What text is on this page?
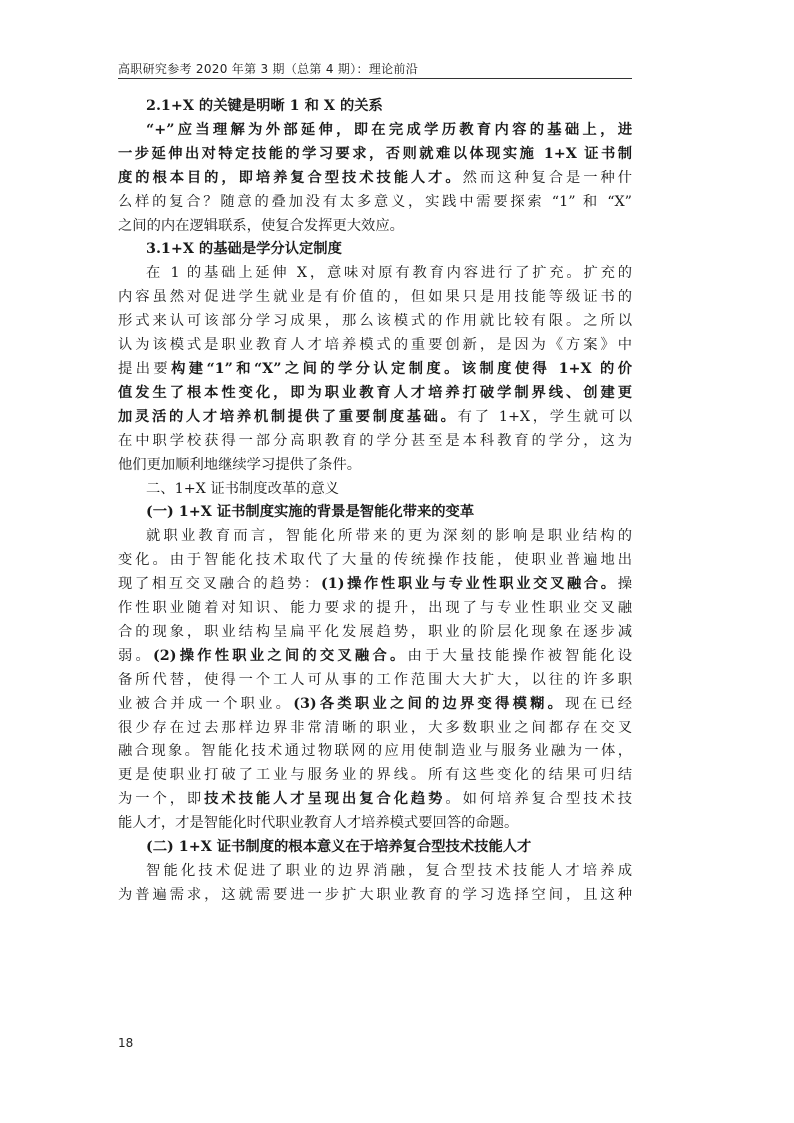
高职研究参考 2020 年第 3 期（总第 4 期）：理论前沿
2.1+X 的关键是明晰 1 和 X 的关系
“+”应当理解为外部延伸，即在完成学历教育内容的基础上，进
一步延伸出对特定技能的学习要求，否则就难以体现实施 1+X 证书制
度的根本目的，即培养复合型技术技能人才。然而这种复合是一种什
么样的复合？随意的叠加没有太多意义，实践中需要探索 “1” 和 “X”
之间的内在逻辑联系，使复合发挥更大效应。
3.1+X 的基础是学分认定制度
在 1 的基础上延伸 X，意味对原有教育内容进行了扩充。扩充的
内容虽然对促进学生就业是有价值的，但如果只是用技能等级证书的
形式来认可该部分学习成果，那么该模式的作用就比较有限。之所以
认为该模式是职业教育人才培养模式的重要创新，是因为《方案》中
提出要构建“1”和“X”之间的学分认定制度。该制度使得 1+X 的价
值发生了根本性变化，即为职业教育人才培养打破学制界线、创建更
加灵活的人才培养机制提供了重要制度基础。有了 1+X，学生就可以
在中职学校获得一部分高职教育的学分甚至是本科教育的学分，这为
他们更加顺利地继续学习提供了条件。
二、1+X 证书制度改革的意义
(一) 1+X 证书制度实施的背景是智能化带来的变革
就职业教育而言，智能化所带来的更为深刻的影响是职业结构的
变化。由于智能化技术取代了大量的传统操作技能，使职业普遍地出
现了相互交叉融合的趋势：(1)操作性职业与专业性职业交叉融合。操
作性职业随着对知识、能力要求的提升，出现了与专业性职业交叉融
合的现象，职业结构呈扁平化发展趋势，职业的阶层化现象在逐步减
弱。(2)操作性职业之间的交叉融合。由于大量技能操作被智能化设
备所代替，使得一个工人可从事的工作范围大大扩大，以往的许多职
业被合并成一个职业。(3)各类职业之间的边界变得模糊。现在已经
很少存在过去那样边界非常清晰的职业，大多数职业之间都存在交叉
融合现象。智能化技术通过物联网的应用使制造业与服务业融为一体，
更是使职业打破了工业与服务业的界线。所有这些变化的结果可归结
为一个，即技术技能人才呈现出复合化趋势。如何培养复合型技术技
能人才，才是智能化时代职业教育人才培养模式要回答的命题。
(二) 1+X 证书制度的根本意义在于培养复合型技术技能人才
智能化技术促进了职业的边界消融，复合型技术技能人才培养成
为普遍需求，这就需要进一步扩大职业教育的学习选择空间，且这种
18
